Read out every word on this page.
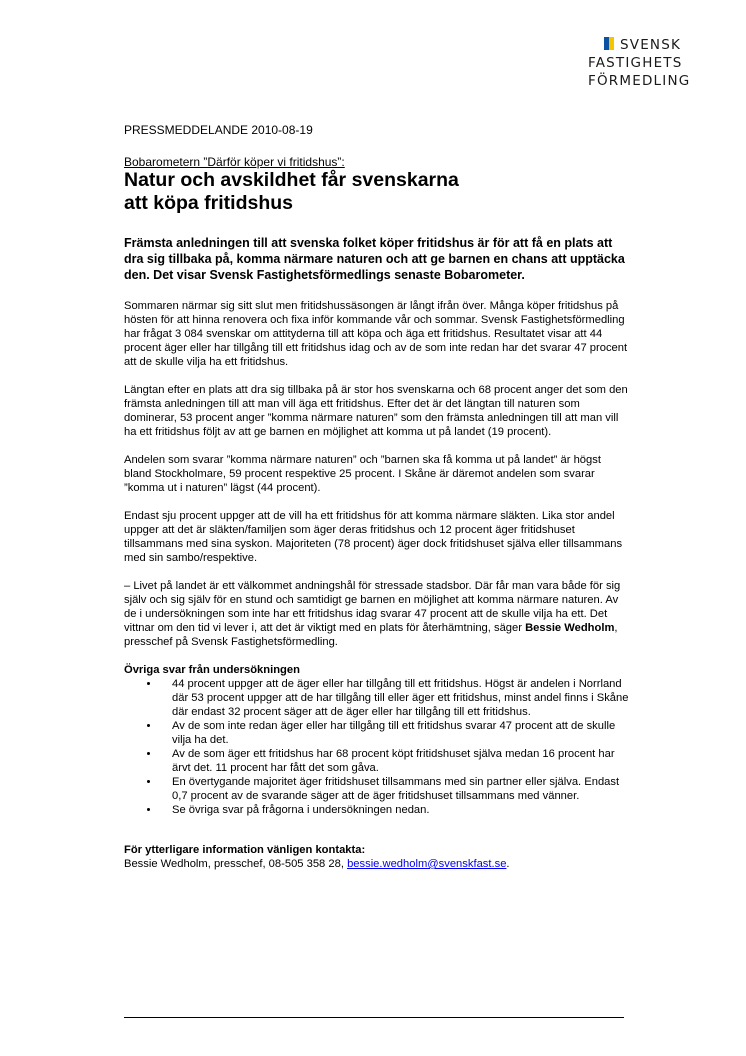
SVENSK
FASTIGHETS
FÖRMEDLING

PRESSMEDDELANDE 2010-08-19

Bobarometern ”Därför köper vi fritidshus”:

Natur och avskildhet får svenskarna
att köpa fritidshus

Främsta anledningen till att svenska folket köper fritidshus är för att få en plats att dra sig tillbaka på, komma närmare naturen och att ge barnen en chans att upptäcka den. Det visar Svensk Fastighetsförmedlings senaste Bobarometer.

Sommaren närmar sig sitt slut men fritidshussäsongen är långt ifrån över. Många köper fritidshus på hösten för att hinna renovera och fixa inför kommande vår och sommar. Svensk Fastighetsförmedling har frågat 3 084 svenskar om attityderna till att köpa och äga ett fritidshus. Resultatet visar att 44 procent äger eller har tillgång till ett fritidshus idag och av de som inte redan har det svarar 47 procent att de skulle vilja ha ett fritidshus.

Längtan efter en plats att dra sig tillbaka på är stor hos svenskarna och 68 procent anger det som den främsta anledningen till att man vill äga ett fritidshus. Efter det är det längtan till naturen som dominerar, 53 procent anger ”komma närmare naturen” som den främsta anledningen till att man vill ha ett fritidshus följt av att ge barnen en möjlighet att komma ut på landet (19 procent).

Andelen som svarar ”komma närmare naturen” och ”barnen ska få komma ut på landet” är högst bland Stockholmare, 59 procent respektive 25 procent. I Skåne är däremot andelen som svarar ”komma ut i naturen” lägst (44 procent).

Endast sju procent uppger att de vill ha ett fritidshus för att komma närmare släkten. Lika stor andel uppger att det är släkten/familjen som äger deras fritidshus och 12 procent äger fritidshuset tillsammans med sina syskon. Majoriteten (78 procent) äger dock fritidshuset själva eller tillsammans med sin sambo/respektive.

– Livet på landet är ett välkommet andningshål för stressade stadsbor. Där får man vara både för sig själv och sig själv för en stund och samtidigt ge barnen en möjlighet att komma närmare naturen. Av de i undersökningen som inte har ett fritidshus idag svarar 47 procent att de skulle vilja ha ett. Det vittnar om den tid vi lever i, att det är viktigt med en plats för återhämtning, säger Bessie Wedholm, presschef på Svensk Fastighetsförmedling.

Övriga svar från undersökningen

• 44 procent uppger att de äger eller har tillgång till ett fritidshus. Högst är andelen i Norrland där 53 procent uppger att de har tillgång till eller äger ett fritidshus, minst andel finns i Skåne där endast 32 procent säger att de äger eller har tillgång till ett fritidshus.
• Av de som inte redan äger eller har tillgång till ett fritidshus svarar 47 procent att de skulle vilja ha det.
• Av de som äger ett fritidshus har 68 procent köpt fritidshuset själva medan 16 procent har ärvt det. 11 procent har fått det som gåva.
• En övertygande majoritet äger fritidshuset tillsammans med sin partner eller själva. Endast 0,7 procent av de svarande säger att de äger fritidshuset tillsammans med vänner.
• Se övriga svar på frågorna i undersökningen nedan.

För ytterligare information vänligen kontakta:

Bessie Wedholm, presschef, 08-505 358 28, bessie.wedholm@svenskfast.se.
